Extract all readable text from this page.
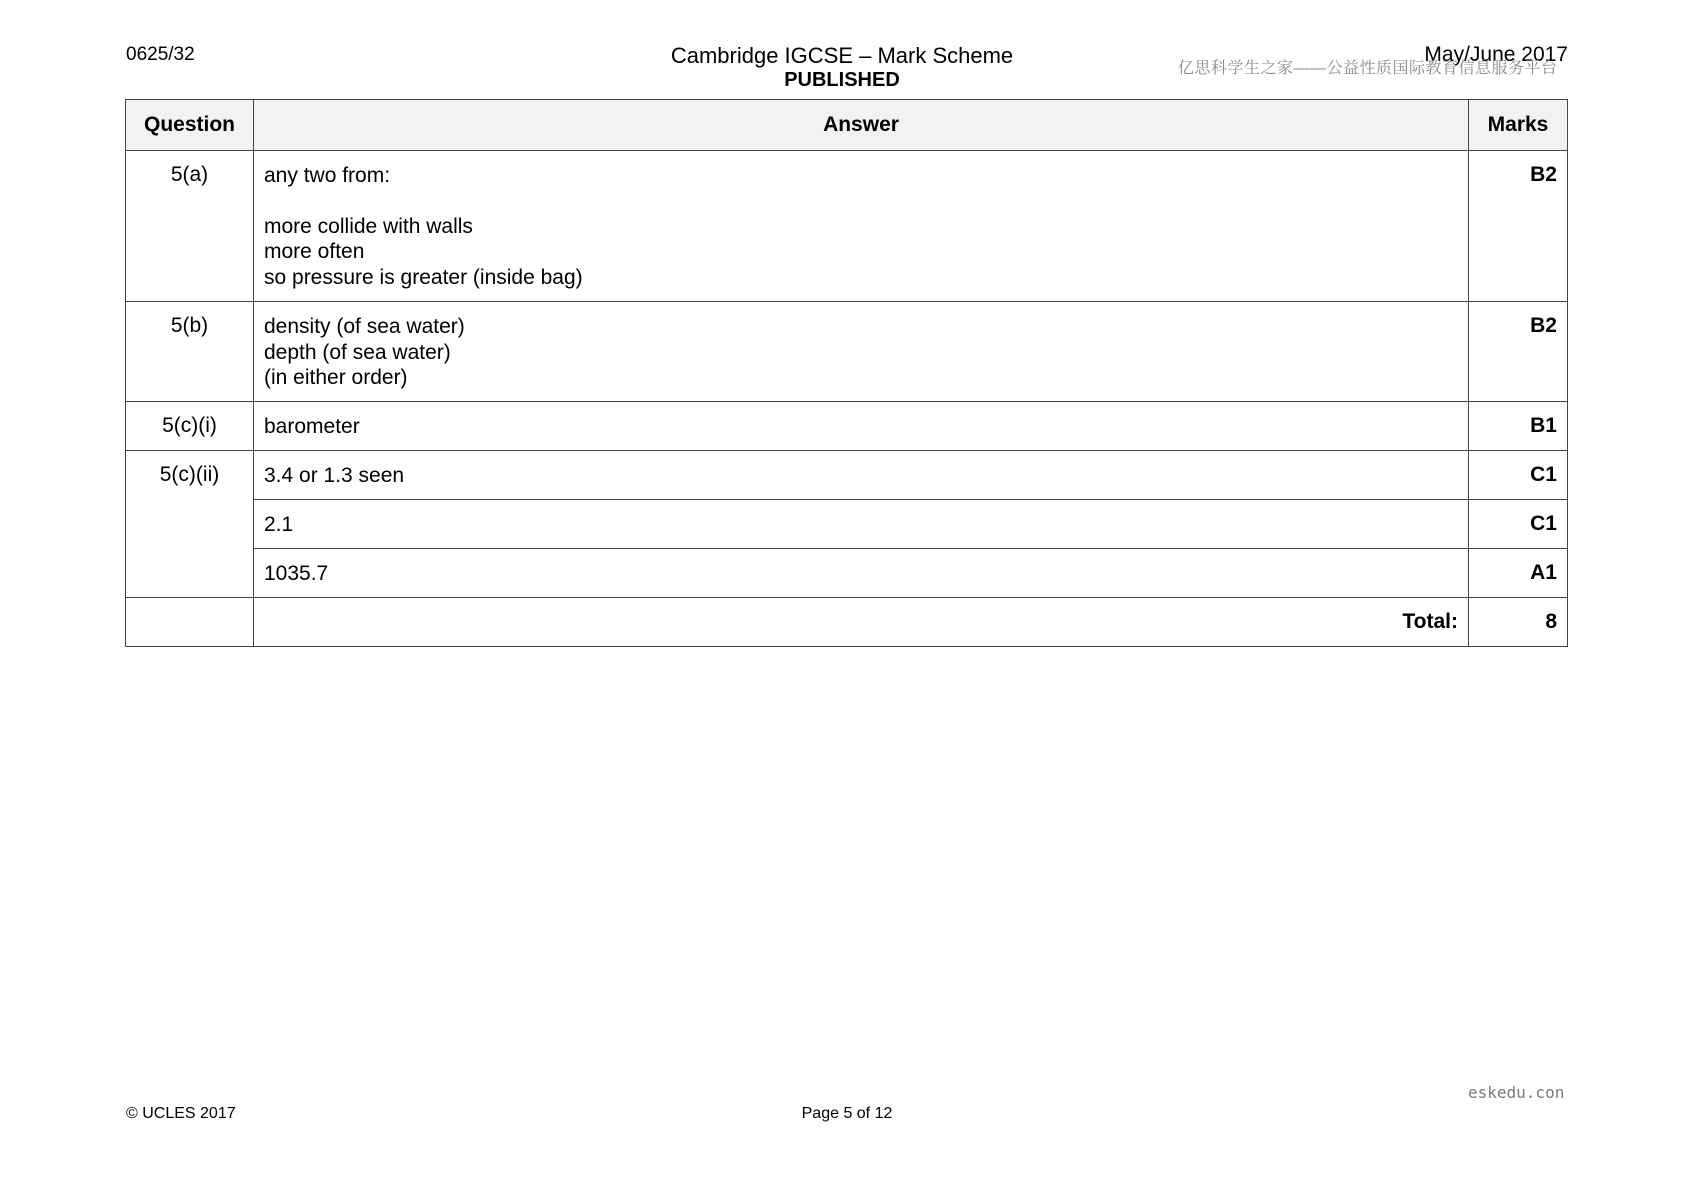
0625/32	Cambridge IGCSE – Mark Scheme
PUBLISHED
May/June 2017
亿思科学生之家——公益性质国际教育信息服务平台
Question	Answer	Marks
5(a)	any two from:
more collide with walls
more often
so pressure is greater (inside bag)	B2
5(b)	density (of sea water)
depth (of sea water)
(in either order)	B2
5(c)(i)	barometer	B1
5(c)(ii)	3.4 or 1.3 seen	C1
	2.1	C1
	1035.7	A1
	Total:	8
eskedu.con
© UCLES 2017	Page 5 of 12
